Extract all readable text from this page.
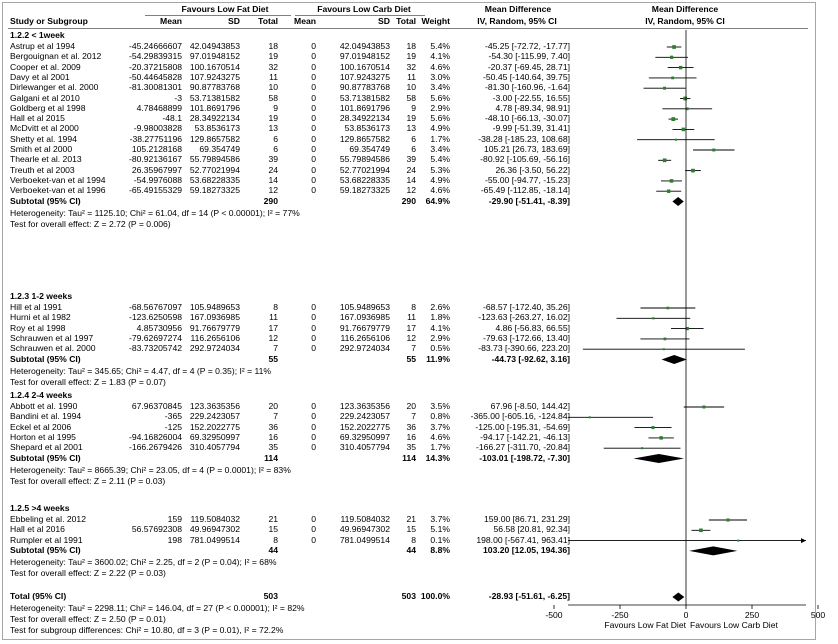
Favours Low Fat Diet	Favours Low Carb Diet	Mean Difference	Mean Difference
Study or Subgroup	Mean	SD	Total	Mean	SD Total Weight	IV, Random, 95% CI	IV, Random, 95% CI
1.2.2 < 1week
Astrup et al 1994	-45.24666607 42.04943853	18	0	42.04943853	18	5.4%	-45.25 [-72.72, -17.77]
Bergouignan et al. 2012	-54.29839315 97.01948152	19	0	97.01948152	19	4.1%	-54.30 [-115.99, 7.40]
Cooper et al. 2009	-20.37215808 100.1670514	32	0	100.1670514	32	4.6%	-20.37 [-69.45, 28.71]
Davy et al 2001	-50.44645828 107.9243275	11	0	107.9243275	11	3.0%	-50.45 [-140.64, 39.75]
Dirlewanger et al. 2000	-81.30081301 90.87783768	10	0	90.87783768	10	3.4%	-81.30 [-160.96, -1.64]
Galgani et al 2010	-3 53.71381582	58	0	53.71381582	58	5.6%	-3.00 [-22.55, 16.55]
Goldberg et al 1998	4.78468899 101.8691796	9	0	101.8691796	9	2.9%	4.78 [-89.34, 98.91]
Hall et al 2015	-48.1 28.34922134	19	0	28.34922134	19	5.6%	-48.10 [-66.13, -30.07]
McDvitt et al 2000	-9.98003828	53.8536173	13	0	53.8536173	13	4.9%	-9.99 [-51.39, 31.41]
Shetty et al. 1994	-38.27751196 129.8657582	6	0	129.8657582	6	1.7%	-38.28 [-185.23, 108.68]
Smith et al 2000	105.2128168	69.354749	6	0	69.354749	6	3.4%	105.21 [26.73, 183.69]
Thearle et al. 2013	-80.92136167 55.79894586	39	0	55.79894586	39	5.4%	-80.92 [-105.69, -56.16]
Treuth et al 2003	26.35967997 52.77021994	24	0	52.77021994	24	5.3%	26.36 [-3.50, 56.22]
Verboeket-van et al 1994	-54.9976088 53.68228335	14	0	53.68228335	14	4.9%	-55.00 [-94.77, -15.23]
Verboeket-van et al 1996	-65.49155329 59.18273325	12	0	59.18273325	12	4.6%	-65.49 [-112.85, -18.14]
Subtotal (95% CI)	290	290	64.9%	-29.90 [-51.41, -8.39]
Heterogeneity: Tau² = 1125.10; Chi² = 61.04, df = 14 (P < 0.00001); I² = 77%
Test for overall effect: Z = 2.72 (P = 0.006)
1.2.3 1-2 weeks
Hill et al 1991	-68.56767097 105.9489653	8	0	105.9489653	8	2.6%	-68.57 [-172.40, 35.26]
Hurni et al 1982	-123.6250598 167.0936985	11	0	167.0936985	11	1.8%	-123.63 [-263.27, 16.02]
Roy et al 1998	4.85730956 91.76679779	17	0	91.76679779	17	4.1%	4.86 [-56.83, 66.55]
Schrauwen et al 1997	-79.62697274 116.2656106	12	0	116.2656106	12	2.9%	-79.63 [-172.66, 13.40]
Schrauwen et al. 2000	-83.73205742 292.9724034	7	0	292.9724034	7	0.5%	-83.73 [-390.66, 223.20]
Subtotal (95% CI)	55	55	11.9%	-44.73 [-92.62, 3.16]
Heterogeneity: Tau² = 345.65; Chi² = 4.47, df = 4 (P = 0.35); I² = 11%
Test for overall effect: Z = 1.83 (P = 0.07)
1.2.4 2-4 weeks
Abbott et al. 1990	67.96370845 123.3635356	20	0	123.3635356	20	3.5%	67.96 [-8.50, 144.42]
Bandini et al. 1994	-365 229.2423057	7	0	229.2423057	7	0.8%	-365.00 [-605.16, -124.84]
Eckel et al 2006	-125 152.2022775	36	0	152.2022775	36	3.7%	-125.00 [-195.31, -54.69]
Horton et al 1995	-94.16826004 69.32950997	16	0	69.32950997	16	4.6%	-94.17 [-142.21, -46.13]
Shepard et al 2001	-166.2679426 310.4057794	35	0	310.4057794	35	1.7%	-166.27 [-311.70, -20.84]
Subtotal (95% CI)	114	114	14.3%	-103.01 [-198.72, -7.30]
Heterogeneity: Tau² = 8665.39; Chi² = 23.05, df = 4 (P = 0.0001); I² = 83%
Test for overall effect: Z = 2.11 (P = 0.03)
1.2.5 >4 weeks
Ebbeling et al. 2012	159 119.5084032	21	0	119.5084032	21	3.7%	159.00 [86.71, 231.29]
Hall et al 2016	56.57692308 49.96947302	15	0	49.96947302	15	5.1%	56.58 [20.81, 92.34]
Rumpler et al 1991	198 781.0499514	8	0	781.0499514	8	0.1%	198.00 [-567.41, 963.41]
Subtotal (95% CI)	44	44	8.8%	103.20 [12.05, 194.36]
Heterogeneity: Tau² = 3600.02; Chi² = 2.25, df = 2 (P = 0.04); I² = 68%
Test for overall effect: Z = 2.22 (P = 0.03)
Total (95% CI)	503	503 100.0%	-28.93 [-51.61, -6.25]
Heterogeneity: Tau² = 2298.11; Chi² = 146.04, df = 27 (P < 0.00001); I² = 82%
Test for overall effect: Z = 2.50 (P = 0.01)
Test for subgroup differences: Chi² = 10.80, df = 3 (P = 0.01), I² = 72.2%
-500	-250	0	250	500
Favours Low Fat Diet Favours Low Carb Diet
